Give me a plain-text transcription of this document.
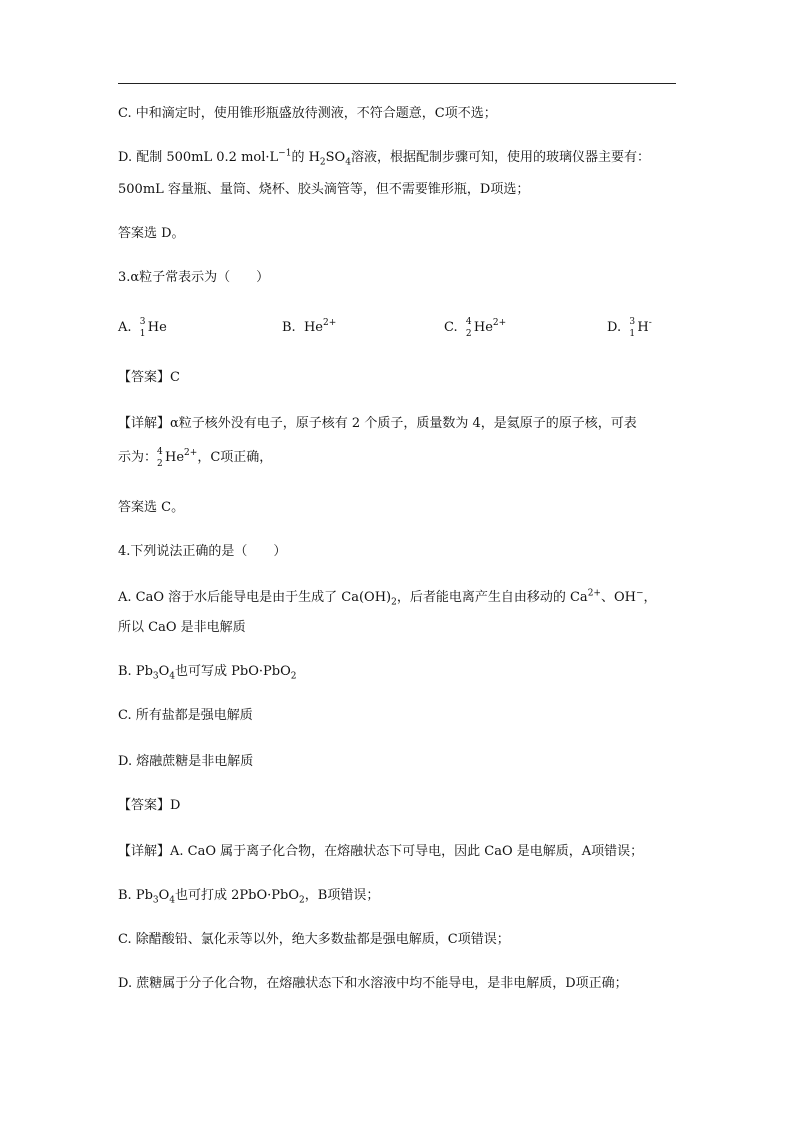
C. 中和滴定时，使用锥形瓶盛放待测液，不符合题意，C项不选；
D. 配制 500mL 0.2 $mol\cdot L^{-1}$的 $H_2SO_4$溶液，根据配制步骤可知，使用的玻璃仪器主要有：
500mL 容量瓶、量筒、烧杯、胶头滴管等，但不需要锥形瓶，D项选；
答案选 D。
3.α粒子常表示为（　　）
A. 3
1 He	B. $He^{2+}$	C. 4
2 $He^{2+}$	D. 3
1 H-
【答案】C
【详解】α粒子核外没有电子，原子核有 2 个质子，质量数为 4，是氦原子的原子核，可表
示为： 4
2 $He^{2+}$，C项正确，
答案选 C。
4.下列说法正确的是（　　）
A. CaO 溶于水后能导电是由于生成了 $Ca(OH)_2$，后者能电离产生自由移动的 $Ca^{2+}$、OH−，
所以 CaO 是非电解质
B. $Pb_3O_4$也可写成 PbO·PbO$_2$
C. 所有盐都是强电解质
D. 熔融蔗糖是非电解质
【答案】D
【详解】A. CaO 属于离子化合物，在熔融状态下可导电，因此 CaO 是电解质，A项错误；
B. $Pb_3O_4$也可打成 2PbO·PbO$_2$，B项错误；
C. 除醋酸铅、氯化汞等以外，绝大多数盐都是强电解质，C项错误；
D. 蔗糖属于分子化合物，在熔融状态下和水溶液中均不能导电，是非电解质，D项正确；
